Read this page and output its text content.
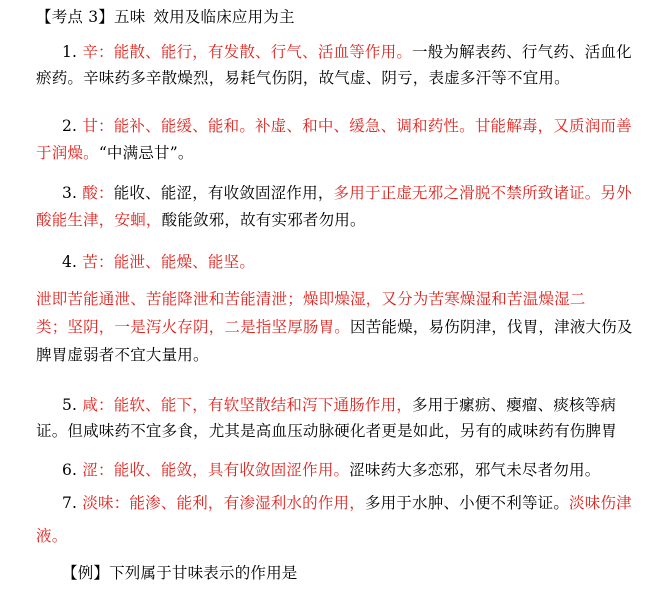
【考点 3】五味 效用及临床应用为主
1. 辛：能散、能行，有发散、行气、活血等作用。一般为解表药、行气药、活血化
瘀药。辛味药多辛散燥烈，易耗气伤阴，故气虚、阴亏，表虚多汗等不宜用。
2. 甘：能补、能缓、能和。补虚、和中、缓急、调和药性。甘能解毒，又质润而善
于润燥。“中满忌甘”。
3. 酸：能收、能涩，有收敛固涩作用，多用于正虚无邪之滑脱不禁所致诸证。另外
酸能生津，安蛔，酸能敛邪，故有实邪者勿用。
4. 苦：能泄、能燥、能坚。
泄即苦能通泄、苦能降泄和苦能清泄；燥即燥湿，又分为苦寒燥湿和苦温燥湿二
类；坚阴，一是泻火存阴，二是指坚厚肠胃。因苦能燥，易伤阴津，伐胃，津液大伤及
脾胃虚弱者不宜大量用。
5. 咸：能软、能下，有软坚散结和泻下通肠作用，多用于瘰疬、瘿瘤、痰核等病
证。但咸味药不宜多食，尤其是高血压动脉硬化者更是如此，另有的咸味药有伤脾胃
6. 涩：能收、能敛，具有收敛固涩作用。涩味药大多恋邪，邪气未尽者勿用。
7. 淡味：能渗、能利，有渗湿利水的作用，多用于水肿、小便不利等证。淡味伤津
液。
【例】下列属于甘味表示的作用是
